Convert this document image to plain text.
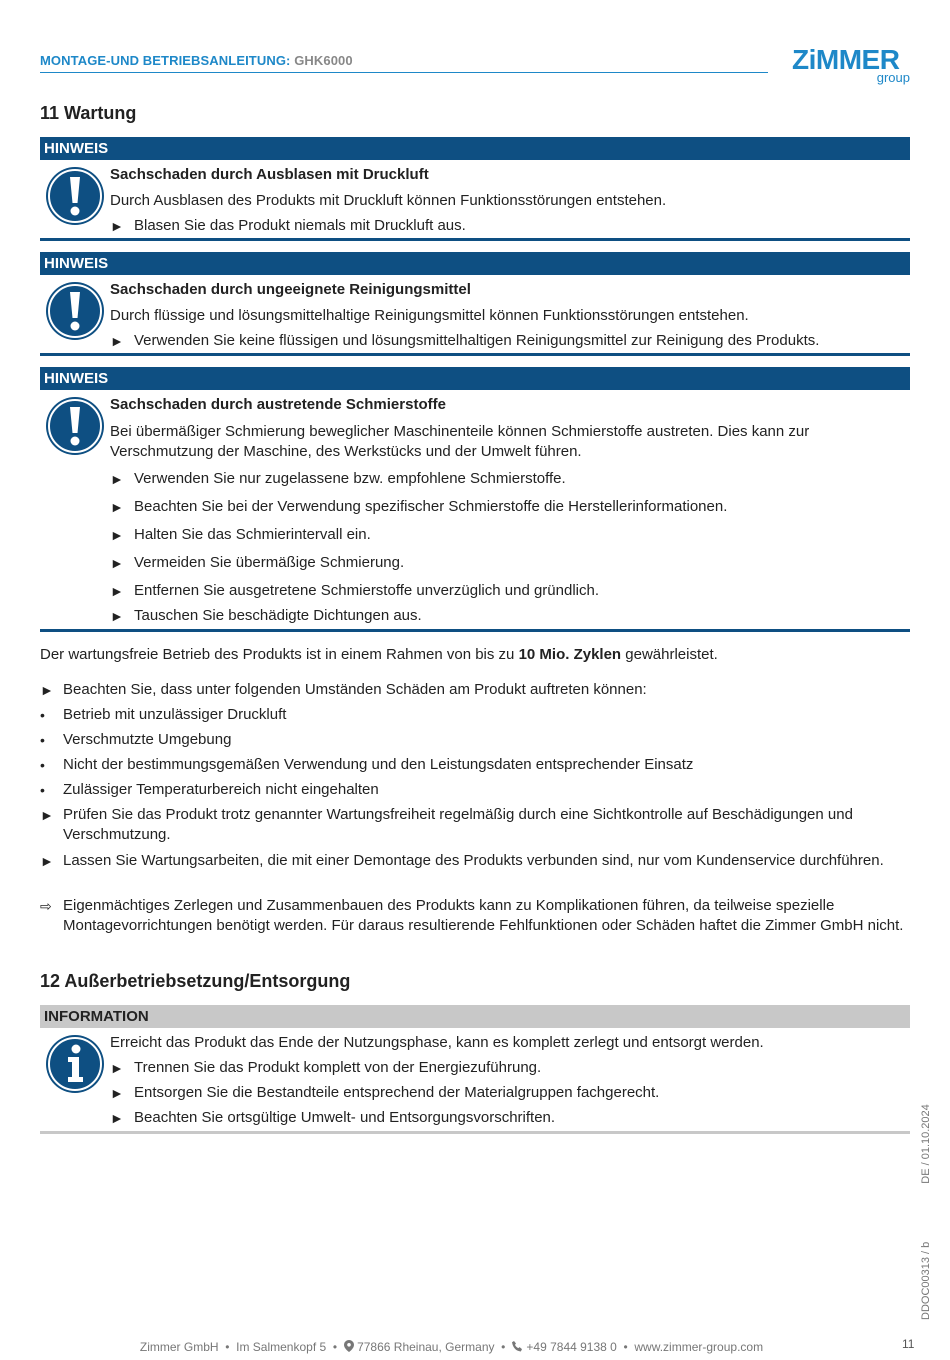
MONTAGE-UND BETRIEBSANLEITUNG: GHK6000	ZiMMER
group
11 Wartung
HINWEIS
Sachschaden durch Ausblasen mit Druckluft
Durch Ausblasen des Produkts mit Druckluft können Funktionsstörungen entstehen.
► Blasen Sie das Produkt niemals mit Druckluft aus.
HINWEIS
Sachschaden durch ungeeignete Reinigungsmittel
Durch flüssige und lösungsmittelhaltige Reinigungsmittel können Funktionsstörungen entstehen.
► Verwenden Sie keine flüssigen und lösungsmittelhaltigen Reinigungsmittel zur Reinigung des Produkts.
HINWEIS
Sachschaden durch austretende Schmierstoffe
Bei übermäßiger Schmierung beweglicher Maschinenteile können Schmierstoffe austreten. Dies kann zur Verschmutzung der Maschine, des Werkstücks und der Umwelt führen.
► Verwenden Sie nur zugelassene bzw. empfohlene Schmierstoffe.
► Beachten Sie bei der Verwendung spezifischer Schmierstoffe die Herstellerinformationen.
► Halten Sie das Schmierintervall ein.
► Vermeiden Sie übermäßige Schmierung.
► Entfernen Sie ausgetretene Schmierstoffe unverzüglich und gründlich.
► Tauschen Sie beschädigte Dichtungen aus.
Der wartungsfreie Betrieb des Produkts ist in einem Rahmen von bis zu 10 Mio. Zyklen gewährleistet.
► Beachten Sie, dass unter folgenden Umständen Schäden am Produkt auftreten können:
• Betrieb mit unzulässiger Druckluft
• Verschmutzte Umgebung
• Nicht der bestimmungsgemäßen Verwendung und den Leistungsdaten entsprechender Einsatz
• Zulässiger Temperaturbereich nicht eingehalten
► Prüfen Sie das Produkt trotz genannter Wartungsfreiheit regelmäßig durch eine Sichtkontrolle auf Beschädigungen und Verschmutzung.
► Lassen Sie Wartungsarbeiten, die mit einer Demontage des Produkts verbunden sind, nur vom Kundenservice durchführen.
⇨ Eigenmächtiges Zerlegen und Zusammenbauen des Produkts kann zu Komplikationen führen, da teilweise spezielle Montagevorrichtungen benötigt werden. Für daraus resultierende Fehlfunktionen oder Schäden haftet die Zimmer GmbH nicht.
12 Außerbetriebsetzung/Entsorgung
INFORMATION
Erreicht das Produkt das Ende der Nutzungsphase, kann es komplett zerlegt und entsorgt werden.
► Trennen Sie das Produkt komplett von der Energiezuführung.
► Entsorgen Sie die Bestandteile entsprechend der Materialgruppen fachgerecht.
► Beachten Sie ortsgültige Umwelt- und Entsorgungsvorschriften.
DDOC00313 / bDE / 01.10.2024
Zimmer GmbH  •  Im Salmenkopf 5  •   77866 Rheinau, Germany  •   +49 7844 9138 0  •  www.zimmer-group.com	11
